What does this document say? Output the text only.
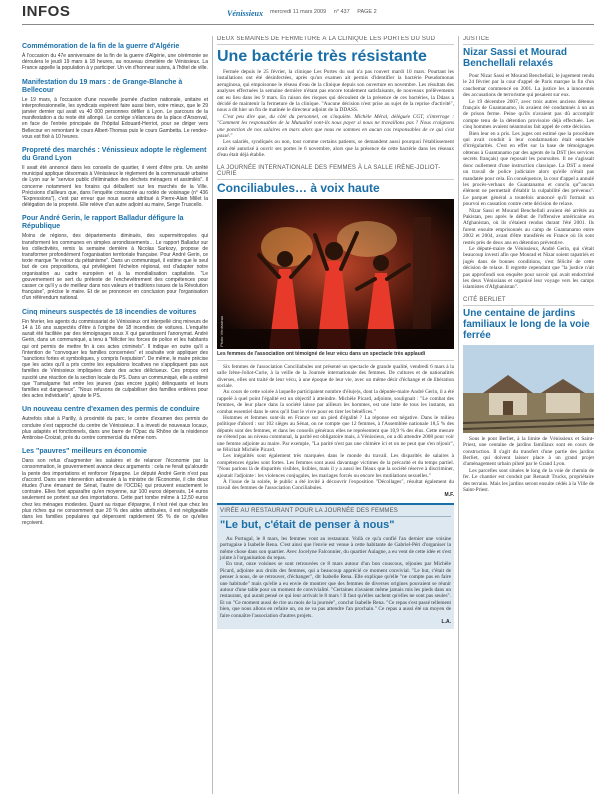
INFOS	Vénissieux mercredi 11 mars 2009 n° 437 PAGE 2
Commémoration de la fin de la guerre d'Algérie

À l'occasion du 47e anniversaire de la fin de la guerre d'Algérie, une cérémonie se déroulera le jeudi 19 mars à 18 heures, au nouveau cimetière de Vénissieux. La France appelle la population à y participer. Un vin d'honneur suivra, à l'hôtel de ville.

Manifestation du 19 mars : de Grange-Blanche à Bellecour

Le 19 mars, à l'occasion d'une nouvelle journée d'action nationale, unitaire et interprofessionnelle, les syndicats espèrent faire aussi bien, voire mieux, que le 29 janvier dernier qui avait vu 40 000 personnes défiler à Lyon. Le parcours de la manifestation a du reste été allongé. Le cortège s'élancera de la place d'Arsonval, en face de l'entrée principale de l'hôpital Edouard-Herriot, pour se diriger vers Bellecour en remontant le cours Albert-Thomas puis le cours Gambetta. Le rendez-vous est fixé à 10 heures.

Propreté des marchés : Vénissieux adopte le règlement du Grand Lyon

Il avait été annoncé dans les conseils de quartier, il vient d'être pris. Un arrêté municipal applique désormais à Vénissieux le règlement de la communauté urbaine de Lyon sur le "service public d'élimination des déchets ménagers et assimilés". Il concerne notamment les forains qui déballent sur les marchés de la Ville. Précisions d'ailleurs que, dans l'enquête consacrée au rodéo de voisinage (n° 436 "Expressions"), c'est par erreur que nous avons attribué à Pierre-Alain Millet la délégation de la propreté. Elle relève d'un autre adjoint au maire, Serge Truscello.

Pour André Gerin, le rapport Balladur défigure la République

Moins de régions, des départements diminués, des supermétropoles qui transforment les communes en simples arrondissements… Le rapport Balladur sur les collectivités, remis la semaine dernière à Nicolas Sarkozy, propose de transformer profondément l'organisation territoriale française. Pour André Gerin, ce texte marque "le retour du pétainisme". Dans un communiqué, il estime que le seul but de ces propositions, qui privilégient l'échelon régional, est d'adapter notre organisation au cadre européen et à la mondialisation capitaliste. "Le gouvernement se sert du prétexte de l'enchevêtrement des compétences pour casser ce qu'il y a de meilleur dans nos valeurs et traditions issues de la Révolution française", précise le maire. Et de se prononcer en conclusion pour l'organisation d'un référendum national.

Cinq mineurs suspectés de 18 incendies de voitures

Fin février, les agents du commissariat de Vénissieux ont interpellé cinq mineurs de 14 à 16 ans suspectés d'être à l'origine de 18 incendies de voitures. L'enquête aurait été facilitée par des témoignages sous X qui garantissent l'anonymat. André Gerin, dans un communiqué, a tenu à "féliciter les forces de police et les habitants qui ont permis de mettre fin à ces actes criminels". Il indique en outre qu'il a l'intention de "convoquer les familles concernées" et souhaite voir appliquer des "sanctions fortes et symboliques, y compris l'expulsion". De même, le maire précise que les actes qu'il a pris contre les expulsions locatives ne s'appliquent pas aux familles de Vénissieux impliquées dans des actes délictueux. Ces propos ont suscité une réaction de la section locale du PS. Dans un communiqué, elle a estimé que "l'amalgame fait entre les jeunes (pas encore jugés) délinquants et leurs familles est dangereux". "Nous refusons de culpabiliser des familles entières pour des actes individuels", ajoute le PS.

Un nouveau centre d'examen des permis de conduire

Autrefois situé à Parilly, à proximité du parc, le centre d'examen des permis de conduire s'est rapproché du centre de Vénissieux. Il a investi de nouveaux locaux, plus adaptés et fonctionnels, dans une barre de l'Opac du Rhône de la résidence Ambroise-Croizat, près du centre commercial du même nom.

Les "pauvres" meilleurs en économie

Dans son refus d'augmenter les salaires et de relancer l'économie par la consommation, le gouvernement avance deux arguments : cela ne ferait qu'alourdir la pente des importations et renforcer l'épargne. Le député André Gerin n'est pas d'accord. Dans une intervention adressée à la ministre de l'Économie, il cite deux études (l'une émanant de Sénat, l'autre de l'OCDE) qui prouvent exactement le contraire. Elles font apparaître qu'en moyenne, sur 100 euros dépensés, 14 euros seulement se portent sur des importations. Cette part tombe même à 12,50 euros chez les ménages modestes. Quant au risque d'épargne, il n'est réel que chez les plus riches qui ne consomment que 20 % des aides attribuées, il est négligeable dans les familles populaires qui dépensent rapidement 95 % de ce qu'elles reçoivent.

DEUX SEMAINES DE FERMETURE À LA CLINIQUE LES PORTES DU SUD
Une bactérie très résistante

Fermée depuis le 25 février, la clinique Les Portes du sud n'a pas rouvert mardi 10 mars. Pourtant les installations ont été désinfectées, après qu'un examen ait permis d'identifier la bactérie Pseudomonas aeruginosa, qui empoisonne le réseau d'eau de la clinique depuis son ouverture en novembre. Les résultats des analyses effectuées la semaine dernière n'étant pas encore totalement satisfaisants, de nouveaux prélèvements ont eu lieu dans les 9 mars. En raison des risques qui découlent de la présence de ces bactéries, la Ddass a décidé de maintenir la fermeture de la clinique. "Aucune décision n'est prise au sujet de la reprise d'activité", nous a dit hier un fin de matinée le directeur adjoint de la DDASS.

C'est peu dire que, du côté du personnel, on s'inquiète. Michèle Méral, déléguée CGT, s'interroge : "Comment les responsables de la Mutualité vont-ils nous payer si nous ne travaillons pas ? Nous craignons une ponction de nos salaires en mars alors que nous ne sommes en aucun cas responsables de ce qui s'est passé."

Les salariés, syndiqués ou non, tout comme certains patients, se demandent aussi pourquoi l'établissement avait été autorisé à ouvrir ses portes le 6 novembre, alors que la présence de cette bactérie dans les réseaux d'eau était déjà établie.

LA JOURNÉE INTERNATIONALE DES FEMMES À LA SALLE IRÈNE-JOLIOT-CURIE
Conciliabules… à voix haute
Photo Vénissieux
Les femmes de l'association ont témoigné de leur vécu dans un spectacle très applaudi

Six femmes de l'association Conciliabules ont présenté un spectacle de grande qualité, vendredi 6 mars à la salle Irène-Joliot-Curie, à la veille de la Journée internationale des femmes. De cultures et de nationalités diverses, elles ont traité de leur vécu, à une époque de leur vie, avec un même désir d'échange et de libération sociale.

Au cours de cette soirée à laquelle participaient nombre d'élu(e)s, dont la députée-maire André Gerin, il a été rappelé à quel point l'égalité est un objectif à atteindre. Michèle Picard, adjointe, soulignait : "Le combat des femmes, de leur place dans la société laisse par ailleurs les hommes, est une lutte de tous les instants, un combat essentiel dans le sens qu'il faut le vivre pour en tirer les bénéfices."

Hommes et femmes sont-ils en France sur un pied d'égalité ? La réponse est négative. Dans le milieu politique d'abord : sur 102 sièges au Sénat, on ne compte que 12 femmes, à l'Assemblée nationale 18,5 % des députés sont des femmes, et dans les conseils généraux elles ne représentent que 10,9 % des élus. Cette mesure ne s'étend pas au niveau communal, la parité est obligatoire mais, à Vénissieux, on a dû attendre 2008 pour voir une femme adjointe au maire. Par exemple, "La parité n'est pas une chimère ici et on ne peut que s'en réjouir", se félicitait Michèle Picard.

Les inégalités sont également très marquées dans le monde du travail. Les disparités de salaires à compétences égales sont fortes. Les femmes sont aussi davantage victimes de la précarité et du temps partiel. "Nous parlons là de disparités visibles, lisibles, mais il y a aussi les fléaux que la société réserve à discriminer, ajoutait l'adjointe : les violences conjugales, les mariages forcés ou encore les mutilations sexuelles."

À l'issue de la soirée, le public a été invité à découvrir l'exposition "Décollages", résultat également du travail des femmes de l'association Conciliabules.

M.F.
VIRÉE AU RESTAURANT POUR LA JOURNÉE DES FEMMES
"Le but, c'était de penser à nous"

Au Portugal, le 8 mars, les femmes vont au restaurant. Voilà ce qu'a confié l'an dernier une voisine portugaise à Isabelle Rena. C'est ainsi que l'envie est venue à cette habitante de Gabriel-Péri d'organiser la même chose dans son quartier. Avec Jocelyne Falconnier, du quartier Aulagne, a eu vent de cette idée et s'est jointe à l'organisation du repas.

En tout, onze voisines se sont retrouvées ce 8 mars autour d'un bon couscous, réjouies par Michèle Picard, adjointe aux droits des femmes, qui a beaucoup apprécié ce moment convivial. "Le but, c'était de penser à nous, de se retrouver, d'échanger", dit Isabelle Rena. Elle explique qu'elle "ne compte pas en faire une habitude" mais qu'elle a eu envie de montrer que des femmes de diverses origines pouvaient se réunir autour d'une table pour un moment de convivialité. "Certaines n'avaient même jamais mis les pieds dans un restaurant, qui aurait pensé ce qui leur arrivait le 8 mars ! Il faut qu'elles sachent qu'elles ne sont pas seules". Et un "Ce moment aussi de rire au mois de la journée", conclut Isabelle Rena. "Ce repas s'est passé tellement bien, que nous allons en refaire un, on ne va pas attendre l'an prochain." Ce repas a aussi été un moyen de faire connaître l'association d'autres projets.

L.A.
JUSTICE
Nizar Sassi et Mourad Benchellali relaxés

Pour Nizar Sassi et Mourad Benchellali, le jugement rendu le 24 février par la cour d'appel de Paris marque la fin d'un cauchemar commencé en 2001. La justice les a innocentés des accusations de terrorisme qui pesaient sur eux.

Le 19 décembre 2007, avec trois autres anciens détenus français de Guantanamo, ils avaient été condamnés à un an de prison ferme. Peine qu'ils n'avaient pas dû accomplir compte tenu de la détention provisoire déjà effectuée. Les cinq hommes avaient néanmoins fait appel de cette décision.

Bien leur en a pris. Les juges ont estimé que la procédure qui avait conduit à leur condamnation était entachée d'irrégularités. C'est en effet sur la base de témoignages obtenus à Guantanamo par des agents de la DST (les services secrets français) que reposait les poursuites. Il ne s'agissait donc nullement d'une instruction classique. La DST a mené un travail de police judiciaire alors qu'elle n'était pas mandatée pour cela. En conséquence, la cour d'appel a annulé les procès-verbaux de Guantanamo et conclu qu'"aucun élément ne permettait d'établir la culpabilité des prévenus". Le parquet général a toutefois annoncé qu'il formait un pourvoi en cassation contre cette décision de relaxe.

Nizar Sassi et Mourad Benchellali avaient été arrêtés au Pakistan, peu après le début de l'offensive américaine en Afghanistan, où ils s'étaient rendus durant l'été 2001. Ils furent ensuite emprisonnés au camp de Guantanamo entre 2002 et 2004, avant d'être transférés en France où ils sont restés près de deux ans en détention préventive.

Le député-maire de Vénissieux, André Gerin, qui s'était beaucoup investi afin que Mourad et Nizar soient rapatriés et jugés dans de bonnes conditions, s'est félicité de cette décision de relaxe. Il regrette cependant que "la justice n'ait pas approfondi son enquête pour savoir qui avait endoctriné les deux Vénissians et organisé leur voyage vers les camps islamistes d'Afghanistan".

CITÉ BERLIET
Une centaine de jardins familiaux le long de la voie ferrée

Sous le pont Berliet, à la limite de Vénissieux et Saint-Priest, une centaine de jardins familiaux sont en cours de construction. Il s'agit du transfert d'une partie des jardins Berliet, qui doivent laisser place à un grand projet d'aménagement urbain piloté par le Grand Lyon.

Les parcelles sont situées le long de la voie de chemin de fer. Le chantier est conduit par Renault Trucks, propriétaire des terrains. Mais les jardins seront ensuite cédés à la Ville de Saint-Priest.
